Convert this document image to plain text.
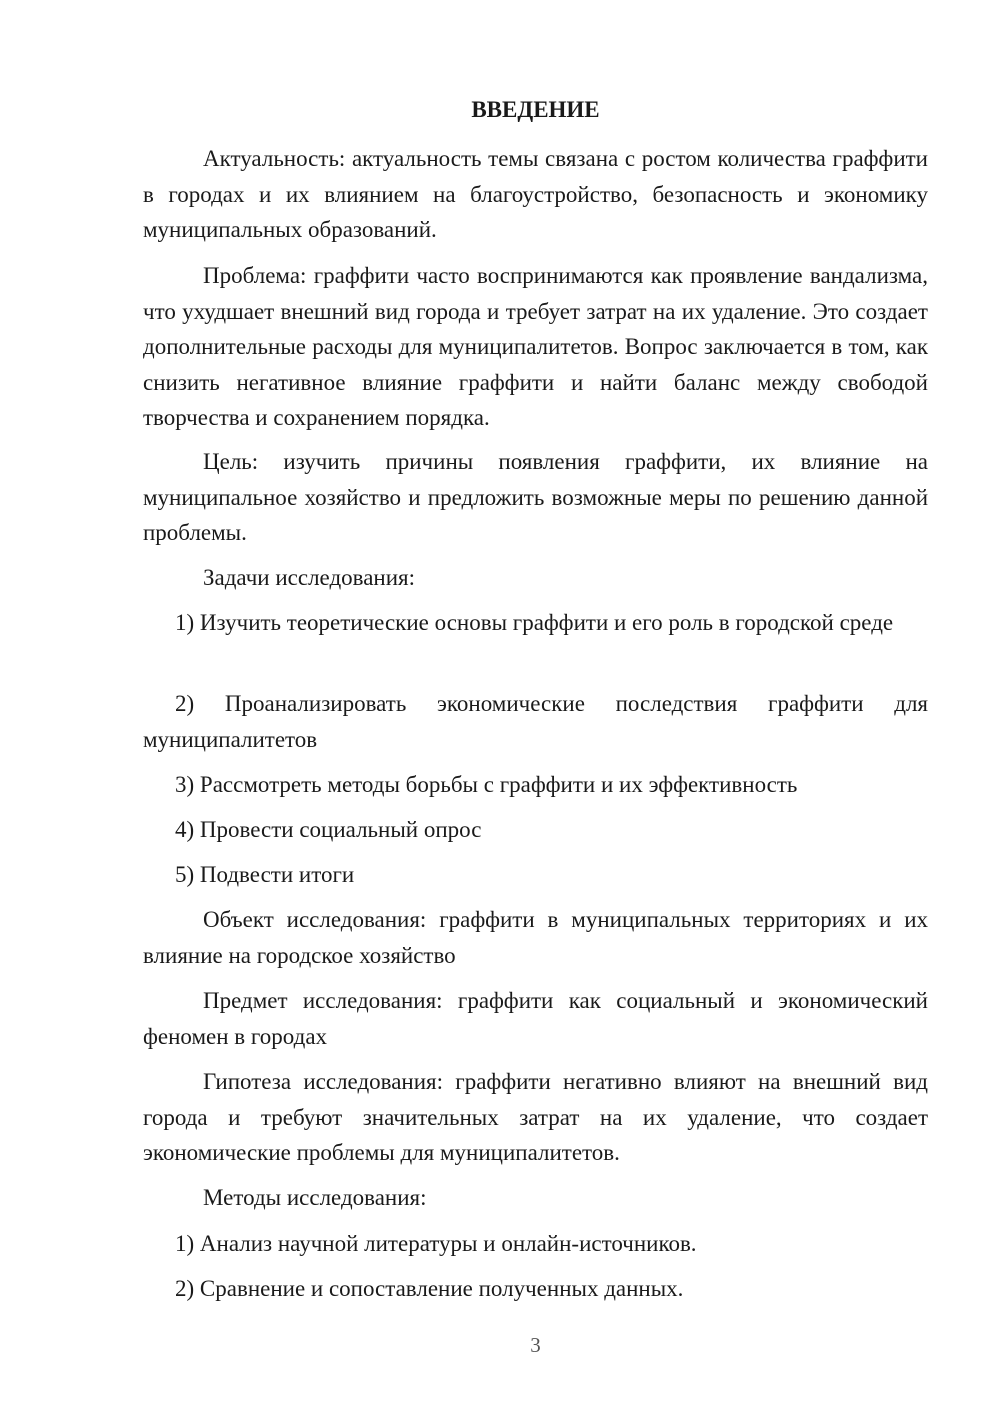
ВВЕДЕНИЕ

Актуальность: актуальность темы связана с ростом количества граффити в городах и их влиянием на благоустройство, безопасность и экономику муниципальных образований.

Проблема: граффити часто воспринимаются как проявление вандализма, что ухудшает внешний вид города и требует затрат на их удаление. Это создает дополнительные расходы для муниципалитетов. Вопрос заключается в том, как снизить негативное влияние граффити и найти баланс между свободой творчества и сохранением порядка.

Цель: изучить причины появления граффити, их влияние на муниципальное хозяйство и предложить возможные меры по решению данной проблемы.

Задачи исследования:

1) Изучить теоретические основы граффити и его роль в городской среде

2) Проанализировать экономические последствия граффити для муниципалитетов

3) Рассмотреть методы борьбы с граффити и их эффективность

4) Провести социальный опрос

5) Подвести итоги

Объект исследования: граффити в муниципальных территориях и их влияние на городское хозяйство

Предмет исследования: граффити как социальный и экономический феномен в городах

Гипотеза исследования: граффити негативно влияют на внешний вид города и требуют значительных затрат на их удаление, что создает экономические проблемы для муниципалитетов.

Методы исследования:

1) Анализ научной литературы и онлайн-источников.

2) Сравнение и сопоставление полученных данных.

3
